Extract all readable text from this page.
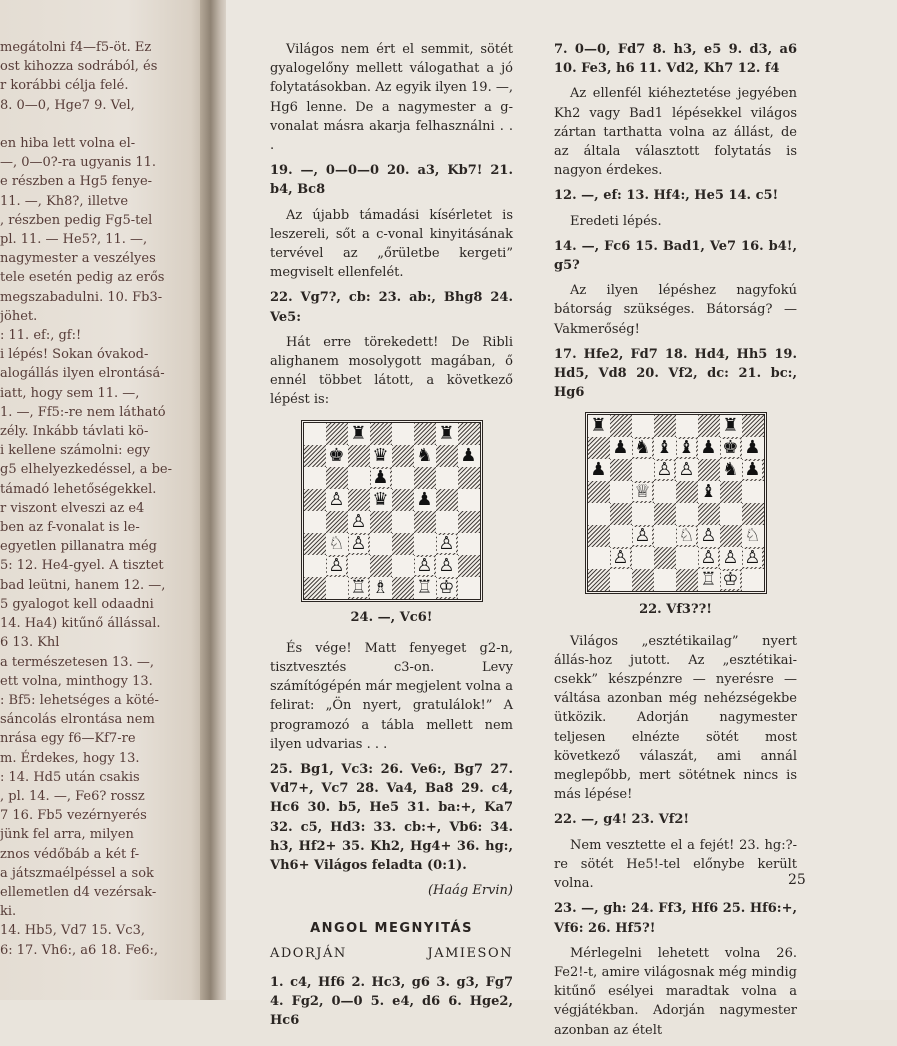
megátolni f4—f5-öt. Ez

ost kihozza sodrából, és

r korábbi célja felé.

8. 0—0, Hge7 9. Vel,

en hiba lett volna el-

—, 0—0?-ra ugyanis 11.

e részben a Hg5 fenye-

11. —, Kh8?, illetve

, részben pedig Fg5-tel

pl. 11. — Hе5?, 11. —,

nagymester a veszélyes

tele esetén pedig az erős

megszabadulni. 10. Fb3-

jöhet.

: 11. ef:, gf:!

i lépés! Sokan óvakod-

alogállás ilyen elrontásá-

iatt, hogy sem 11. —,

1. —, Ff5:-re nem látható

zély. Inkább távlati kö-

i kellene számolni: egy

g5 elhelyezkedéssel, a be-

támadó lehetőségekkel.

r viszont elveszi az e4

ben az f-vonalat is le-

egyetlen pillanatra még

5: 12. He4-gyel. A tisztet

bad leütni, hanem 12. —,

5 gyalogot kell odaadni

14. Ha4) kitűnő állással.

6 13. Khl

a természetesen 13. —,

ett volna, minthogy 13.

: Bf5: lehetséges a köté-

sáncolás elrontása nem

nrása egy f6—Kf7-re

m. Érdekes, hogy 13.

: 14. Hd5 után csakis

, pl. 14. —, Fe6? rossz

7 16. Fb5 vezérnyerés

jünk fel arra, milyen

znos védőbáb a két f-

a játszmaélpéssel a sok

ellemetlen d4 vezérsak-

ki.

14. Hb5, Vd7 15. Vc3,

6: 17. Vh6:, a6 18. Fe6:,

Világos nem ért el semmit, sötét gyalogelőny mellett válogathat a jó folytatásokban. Az egyik ilyen 19. —, Hg6 lenne. De a nagymester a g-vonalat másra akarja felhasználni . . .

19. —, 0—0—0 20. a3, Kb7! 21. b4, Bc8

Az újabb támadási kísérletet is leszereli, sőt a c-vonal kinyitásának tervével az „őrületbe kergeti” megviselt ellenfelét.

22. Vg7?, cb: 23. ab:, Bhg8 24. Ve5:

Hát erre törekedett! De Ribli alighanem mosolygott magában, ő ennél többet látott, a következő lépést is:

♜	♜
♚ ♛ ♞ ♟
♟
♙ ♛ ♟
♙
♘ ♙	♙
♙	♙ ♙
♖ ♗ ♖ ♔

24. —, Vc6!

És vége! Matt fenyeget g2-n, tisztvesztés c3-on. Levy számítógépén már megjelent volna a felirat: „Ön nyert, gratulálok!” A programozó a tábla mellett nem ilyen udvarias . . .

25. Bg1, Vc3: 26. Ve6:, Bg7 27. Vd7+, Vc7 28. Va4, Ba8 29. c4, Hc6 30. b5, He5 31. ba:+, Ka7 32. c5, Hd3: 33. cb:+, Vb6: 34. h3, Hf2+ 35. Kh2, Hg4+ 36. hg:, Vh6+ Világos feladta (0:1).

(Haág Ervin)

ANGOL MEGNYITÁS

ADORJÁN	JAMIESON

1. c4, Hf6 2. Hc3, g6 3. g3, Fg7 4. Fg2, 0—0 5. e4, d6 6. Hge2, Hc6

7. 0—0, Fd7 8. h3, e5 9. d3, a6 10. Fe3, h6 11. Vd2, Kh7 12. f4

Az ellenfél kiéheztetése jegyében Kh2 vagy Bad1 lépésekkel világos zártan tarthatta volna az állást, de az általa választott folytatás is nagyon érdekes.

12. —, ef: 13. Hf4:, He5 14. c5!

Eredeti lépés.

14. —, Fc6 15. Bad1, Ve7 16. b4!, g5?

Az ilyen lépéshez nagyfokú bátorság szükséges. Bátorság? — Vakmerőség!

17. Hfe2, Fd7 18. Hd4, Hh5 19. Hd5, Vd8 20. Vf2, dc: 21. bc:, Hg6

♜	♜
♟ ♞ ♝ ♝ ♟ ♚ ♟
♟	♙ ♙ ♞ ♟
♕	♝
♙ ♘ ♙ ♘
♙	♙ ♙ ♙
♖ ♔

22. Vf3??!

Világos „esztétikailag” nyert állás-hoz jutott. Az „esztétikai-csekk” készpénzre — nyerésre — váltása azonban még nehézségekbe ütközik. Adorján nagymester teljesen elnézte sötét most következő válaszát, ami annál meglepőbb, mert sötétnek nincs is más lépése!

22. —, g4! 23. Vf2!

Nem vesztette el a fejét! 23. hg:?-re sötét He5!-tel előnybe került volna.

23. —, gh: 24. Ff3, Hf6 25. Hf6:+, Vf6: 26. Hf5?!

Mérlegelni lehetett volna 26. Fe2!-t, amire világosnak még mindig kitűnő esélyei maradtak volna a végjátékban. Adorján nagymester azonban az ételt

25
